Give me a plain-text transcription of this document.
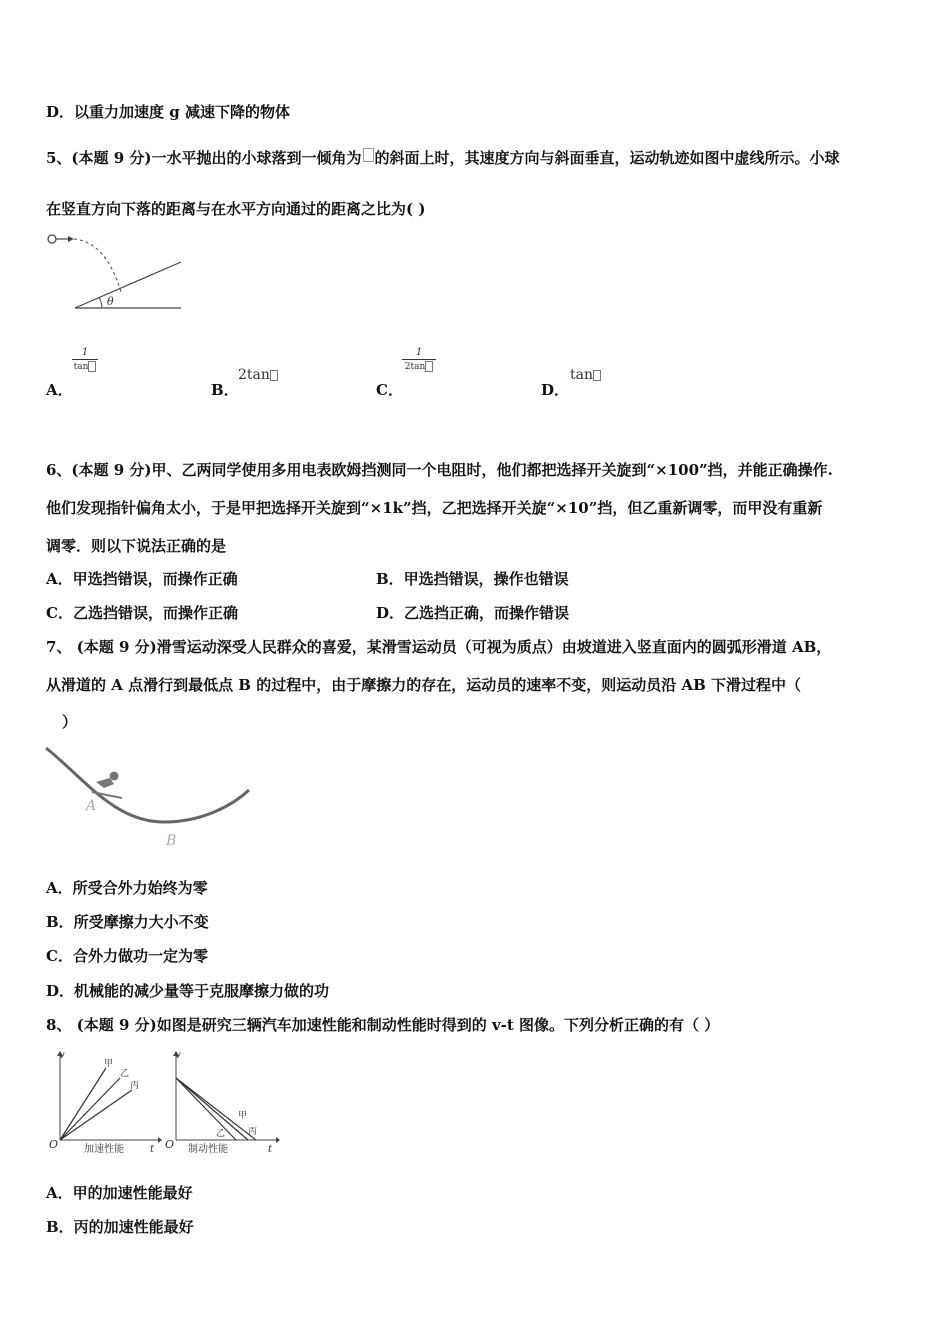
D．以重力加速度 g 减速下降的物体
5、(本题 9 分)一水平抛出的小球落到一倾角为 的斜面上时，其速度方向与斜面垂直，运动轨迹如图中虚线所示。小球
在竖直方向下落的距离与在水平方向通过的距离之比为( )
θ
A．
1
tan
B．
2tan
C．
1
2tan
D．
tan
6、(本题 9 分)甲、乙两同学使用多用电表欧姆挡测同一个电阻时，他们都把选择开关旋到“×100”挡，并能正确操作.
他们发现指针偏角太小，于是甲把选择开关旋到“×1k”挡，乙把选择开关旋“×10”挡，但乙重新调零，而甲没有重新
调零．则以下说法正确的是
A．甲选挡错误，而操作正确	B．甲选挡错误，操作也错误
C．乙选挡错误，而操作正确	D．乙选挡正确，而操作错误
7、 (本题 9 分)滑雪运动深受人民群众的喜爱，某滑雪运动员（可视为质点）由坡道进入竖直面内的圆弧形滑道 AB，
从滑道的 A 点滑行到最低点 B 的过程中，由于摩擦力的存在，运动员的速率不变，则运动员沿 AB 下滑过程中（
）
A
B
A．所受合外力始终为零
B．所受摩擦力大小不变
C．合外力做功一定为零
D．机械能的减少量等于克服摩擦力做的功
8、 (本题 9 分)如图是研究三辆汽车加速性能和制动性能时得到的 v-t 图像。下列分析正确的有（ ）
v
t
O
甲
乙
丙
加速性能
v
t
O
甲
乙	丙
制动性能
A．甲的加速性能最好
B．丙的加速性能最好
